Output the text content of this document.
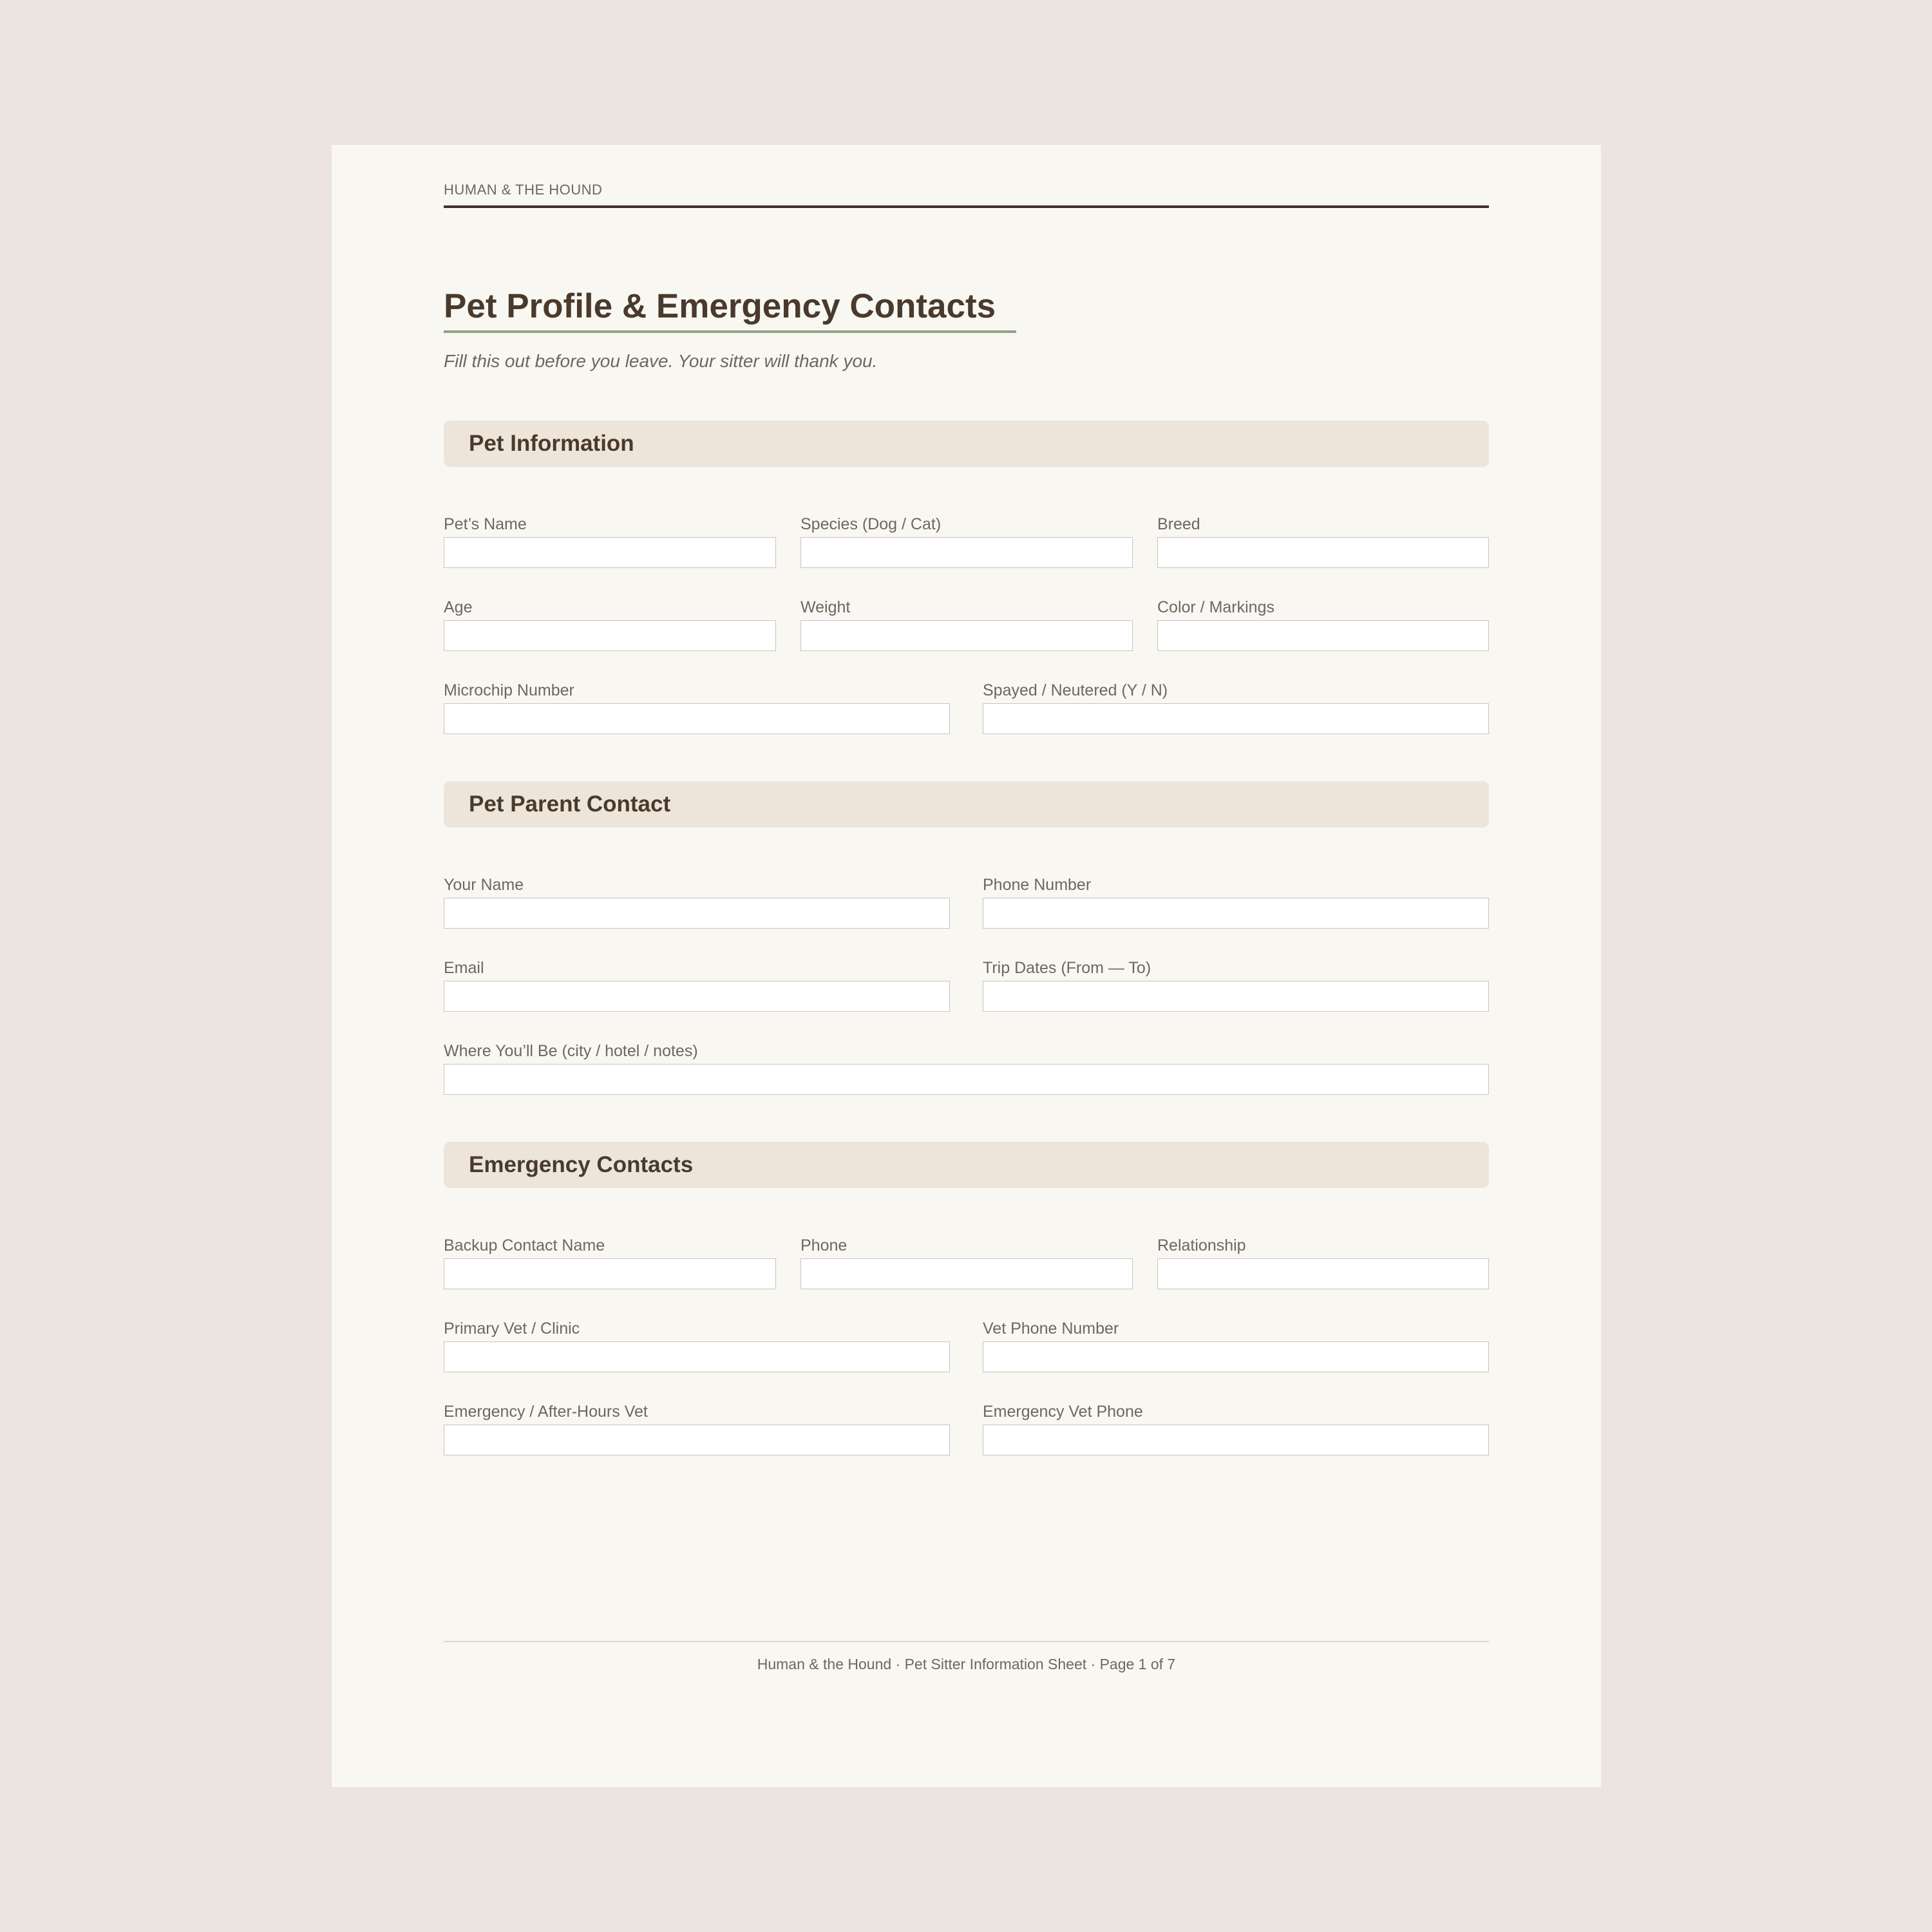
HUMAN & THE HOUND
Pet Profile & Emergency Contacts
Fill this out before you leave. Your sitter will thank you.
Pet Information
Pet’s Name	Species (Dog / Cat)	Breed
Age	Weight	Color / Markings
Microchip Number	Spayed / Neutered (Y / N)
Pet Parent Contact
Your Name	Phone Number
Email	Trip Dates (From — To)
Where You’ll Be (city / hotel / notes)
Emergency Contacts
Backup Contact Name	Phone	Relationship
Primary Vet / Clinic	Vet Phone Number
Emergency / After-Hours Vet	Emergency Vet Phone
Human & the Hound · Pet Sitter Information Sheet · Page 1 of 7
